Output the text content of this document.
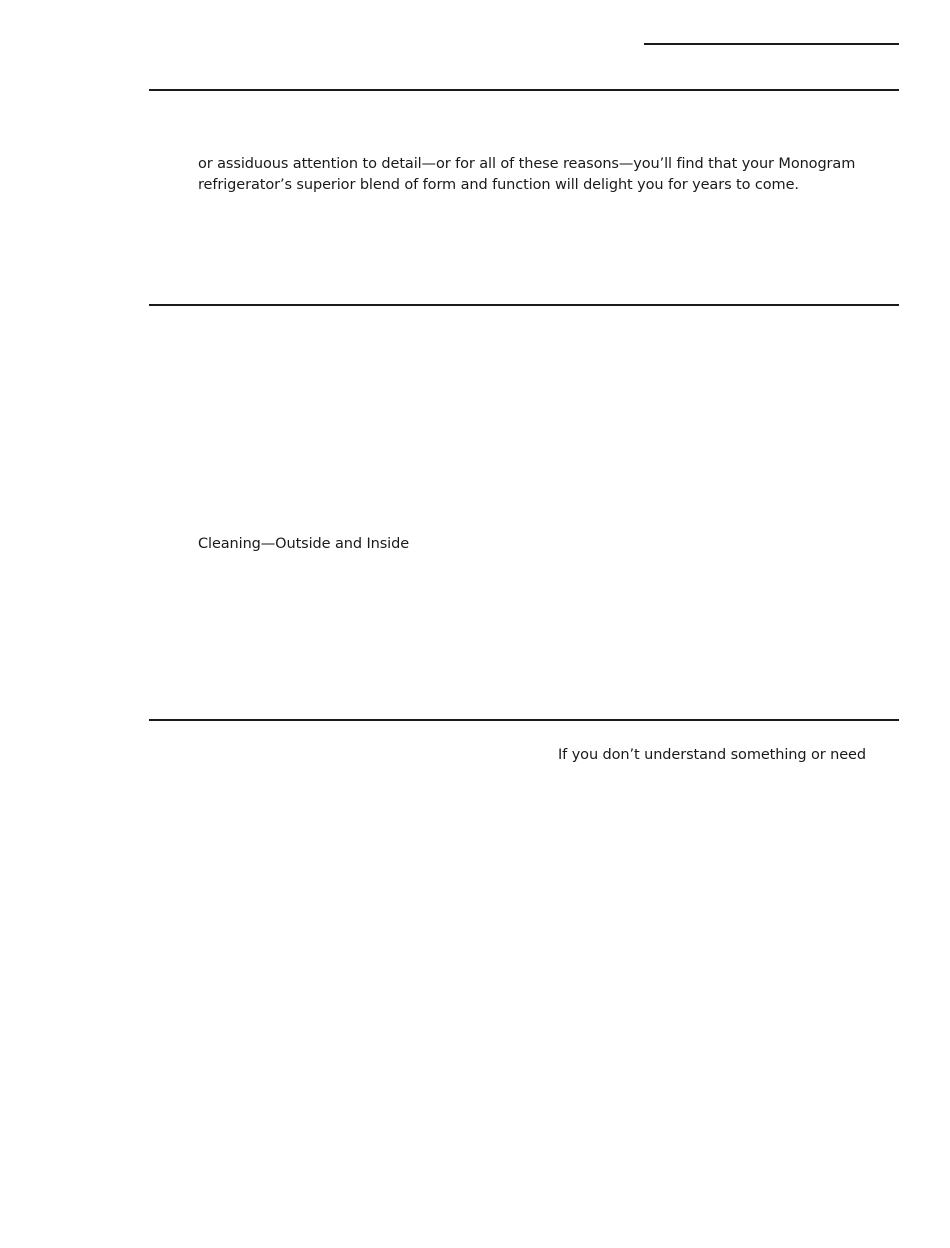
or assiduous attention to detail—or for all of these reasons—you’ll find that your Monogram
refrigerator’s superior blend of form and function will delight you for years to come.
Cleaning—Outside and Inside
If you don’t understand something or need
